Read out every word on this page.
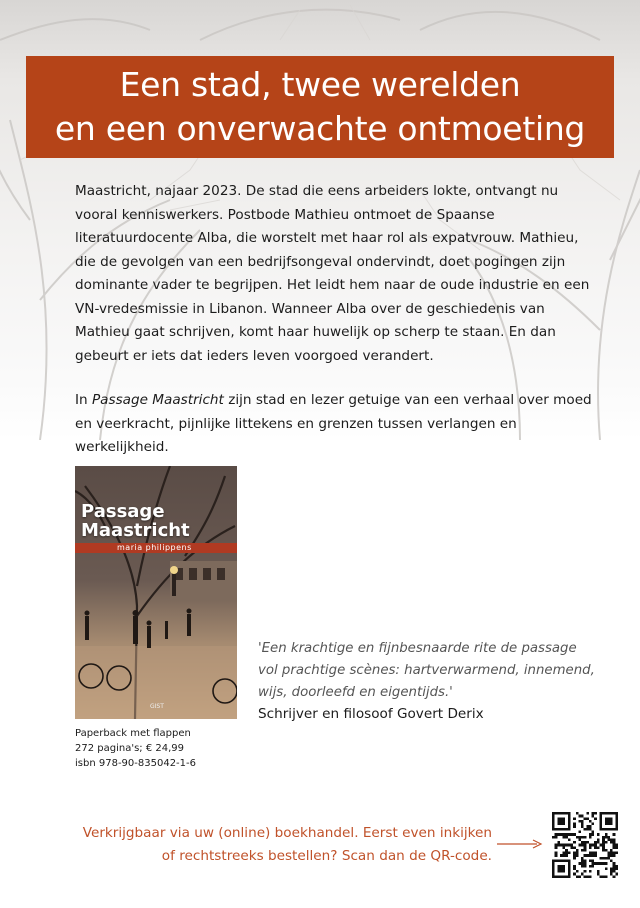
Een stad, twee werelden
en een onverwachte ontmoeting

Maastricht, najaar 2023. De stad die eens arbeiders lokte, ontvangt nu vooral kenniswerkers. Postbode Mathieu ontmoet de Spaanse literatuurdocente Alba, die worstelt met haar rol als expatvrouw. Mathieu, die de gevolgen van een bedrijfsongeval ondervindt, doet pogingen zijn dominante vader te begrijpen. Het leidt hem naar de oude industrie en een VN-vredesmissie in Libanon. Wanneer Alba over de geschiedenis van Mathieu gaat schrijven, komt haar huwelijk op scherp te staan. En dan gebeurt er iets dat ieders leven voorgoed verandert.

In Passage Maastricht zijn stad en lezer getuige van een verhaal over moed en veerkracht, pijnlijke littekens en grenzen tussen verlangen en werkelijkheid.

Passage
Maastricht
maria philippens
GIST
Paperback met flappen
272 pagina's; € 24,99
isbn 978-90-835042-1-6
'Een krachtige en fijnbesnaarde rite de passage
vol prachtige scènes: hartverwarmend, innemend,
wijs, doorleefd en eigentijds.'
Schrijver en filosoof Govert Derix
Verkrijgbaar via uw (online) boekhandel. Eerst even inkijken
of rechtstreeks bestellen? Scan dan de QR-code.
